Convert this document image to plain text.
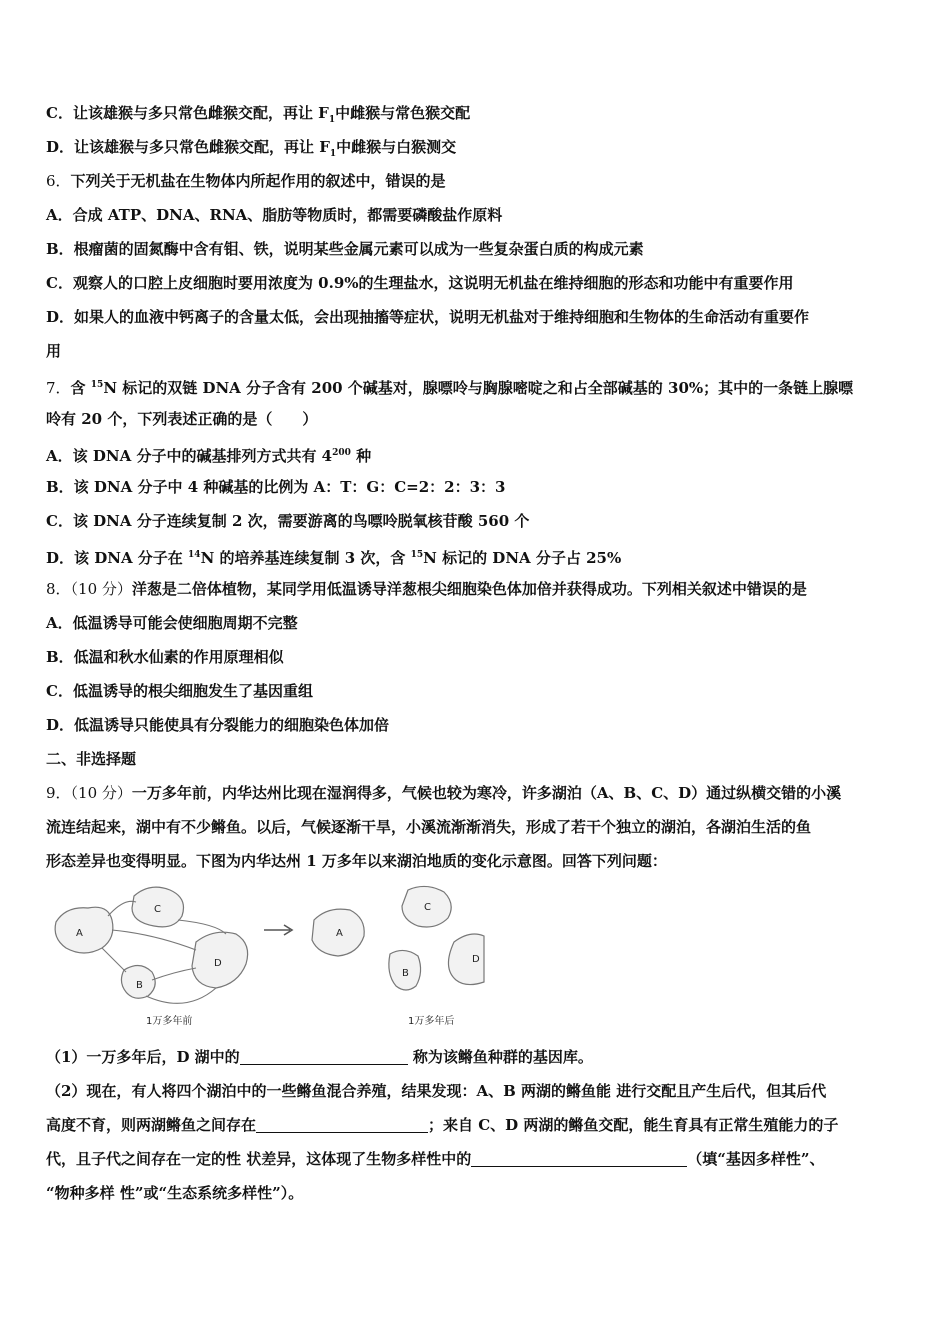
C．让该雄猴与多只常色雌猴交配，再让 $F_1$中雌猴与常色猴交配
D．让该雄猴与多只常色雌猴交配，再让 $F_1$中雌猴与白猴测交
6．下列关于无机盐在生物体内所起作用的叙述中，错误的是
A．合成 ATP、DNA、RNA、脂肪等物质时，都需要磷酸盐作原料
B．根瘤菌的固氮酶中含有钼、铁，说明某些金属元素可以成为一些复杂蛋白质的构成元素
C．观察人的口腔上皮细胞时要用浓度为 0.9%的生理盐水，这说明无机盐在维持细胞的形态和功能中有重要作用
D．如果人的血液中钙离子的含量太低，会出现抽搐等症状，说明无机盐对于维持细胞和生物体的生命活动有重要作
用
7．含 $^{15}$N 标记的双链 DNA 分子含有 200 个碱基对，腺嘌呤与胸腺嘧啶之和占全部碱基的 30%；其中的一条链上腺嘌
呤有 20 个，下列表述正确的是（　　）
A．该 DNA 分子中的碱基排列方式共有 $4^{200}$ 种
B．该 DNA 分子中 4 种碱基的比例为 A：T：G：C=2：2：3：3
C．该 DNA 分子连续复制 2 次，需要游离的鸟嘌呤脱氧核苷酸 560 个
D．该 DNA 分子在 $^{14}$N 的培养基连续复制 3 次，含 $^{15}$N 标记的 DNA 分子占 25%
8．（10 分）洋葱是二倍体植物，某同学用低温诱导洋葱根尖细胞染色体加倍并获得成功。下列相关叙述中错误的是
A．低温诱导可能会使细胞周期不完整
B．低温和秋水仙素的作用原理相似
C．低温诱导的根尖细胞发生了基因重组
D．低温诱导只能使具有分裂能力的细胞染色体加倍
二、非选择题
9．（10 分）一万多年前，内华达州比现在湿润得多，气候也较为寒冷，许多湖泊（A、B、C、D）通过纵横交错的小溪
流连结起来，湖中有不少鳉鱼。以后，气候逐渐干旱，小溪流渐渐消失，形成了若干个独立的湖泊，各湖泊生活的鱼
形态差异也变得明显。下图为内华达州 1 万多年以来湖泊地质的变化示意图。回答下列问题：
A
C
B
D
A
C
B
D
1万多年前	1万多年后
（1）一万多年后，D 湖中的	称为该鳉鱼种群的基因库。
（2）现在，有人将四个湖泊中的一些鳉鱼混合养殖，结果发现：A、B 两湖的鳉鱼能 进行交配且产生后代，但其后代
高度不育，则两湖鳉鱼之间存在	；来自 C、D 两湖的鳉鱼交配，能生育具有正常生殖能力的子
代，且子代之间存在一定的性 状差异，这体现了生物多样性中的	（填“基因多样性”、
“物种多样 性”或“生态系统多样性”）。
